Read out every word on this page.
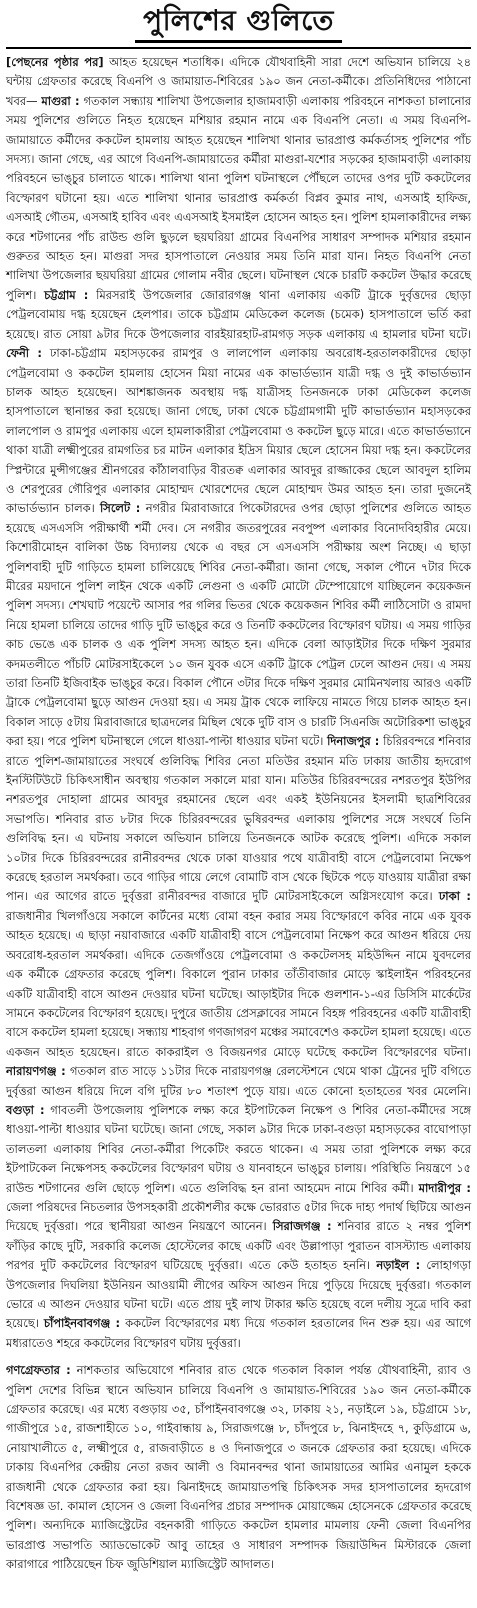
পুলিশের গুলিতে

[পেছনের পৃষ্ঠার পর] আহত হয়েছেন শতাধিক। এদিকে যৌথবাহিনী সারা দেশে অভিযান চালিয়ে ২৪ ঘন্টায় গ্রেফতার করেছে বিএনপি ও জামায়াত-শিবিরের ১৯০ জন নেতা-কর্মীকে। প্রতিনিধিদের পাঠানো খবর— মাগুরা : গতকাল সন্ধ্যায় শালিখা উপজেলার হাজামবাড়ী এলাকায় পরিবহনে নাশকতা চালানোর সময় পুলিশের গুলিতে নিহত হয়েছেন মশিয়ার রহমান নামে এক বিএনপি নেতা। এ সময় বিএনপি-জামায়াতে কর্মীদের ককটেল হামলায় আহত হয়েছেন শালিখা থানার ভারপ্রাপ্ত কর্মকর্তাসহ পুলিশের পাঁচ সদস্য। জানা গেছে, এর আগে বিএনপি-জামায়াতের কর্মীরা মাগুরা-যশোর সড়কের হাজামবাড়ী এলাকায় পরিবহনে ভাঙ্চুর চালাতে থাকে। শালিখা থানা পুলিশ ঘটনাস্থলে পৌঁছলে তাদের ওপর দুটি ককটেলের বিস্ফোরণ ঘটানো হয়। এতে শালিখা থানার ভারপ্রাপ্ত কর্মকর্তা বিপ্লব কুমার নাথ, এসআই হাফিজ, এসআই গৌতম, এসআই হাবিব এবং এএসআই ইসমাইল হোসেন আহত হন। পুলিশ হামলাকারীদের লক্ষ্য করে শটগানের পাঁচ রাউন্ড গুলি ছুড়লে ছয়ঘরিয়া গ্রামের বিএনপির সাধারণ সম্পাদক মশিয়ার রহমান গুরুতর আহত হন। মাগুরা সদর হাসপাতালে নেওয়ার সময় তিনি মারা যান। নিহত বিএনপি নেতা শালিখা উপজেলার ছয়ঘরিয়া গ্রামের গোলাম নবীর ছেলে। ঘটনাস্থল থেকে চারটি ককটেল উদ্ধার করেছে পুলিশ। চট্টগ্রাম : মিরসরাই উপজেলার জোরারগঞ্জ থানা এলাকায় একটি ট্রাকে দুর্বৃত্তদের ছোড়া পেট্রলবোমায় দগ্ধ হয়েছেন হেলপার। তাকে চট্টগ্রাম মেডিকেল কলেজ (চমেক) হাসপাতালে ভর্তি করা হয়েছে। রাত সোয়া ৯টার দিকে উপজেলার বারইয়ারহাট-রামগড় সড়ক এলাকায় এ হামলার ঘটনা ঘটে। ফেনী : ঢাকা-চট্টগ্রাম মহাসড়কের রামপুর ও লালপোল এলাকায় অবরোধ-হরতালকারীদের ছোড়া পেট্রলবোমা ও ককটেল হামলায় হোসেন মিয়া নামের এক কাভার্ডভ্যান যাত্রী দগ্ধ ও দুই কাভার্ডভ্যান চালক আহত হয়েছেন। আশঙ্কাজনক অবস্থায় দগ্ধ যাত্রীসহ তিনজনকে ঢাকা মেডিকেল কলেজ হাসপাতালে স্থানান্তর করা হয়েছে। জানা গেছে, ঢাকা থেকে চট্টগ্রামগামী দুটি কাভার্ডভ্যান মহাসড়কের লালপোল ও রামপুর এলাকায় এলে হামলাকারীরা পেট্রলবোমা ও ককটেল ছুড়ে মারে। এতে কাভার্ডভ্যানে থাকা যাত্রী লক্ষ্মীপুরের রামগতির চর মাটন এলাকার ইদ্রিস মিয়ার ছেলে হোসেন মিয়া দগ্ধ হন। ককটেলের স্প্লিন্টারে মুন্সীগঞ্জের শ্রীনগরের কাঁঠালবাড়ির বীরতক্ব এলাকার আবদুর রাজ্জাকের ছেলে আবদুল হালিম ও শেরপুরের গৌরিপুর এলাকার মোহাম্মদ খোরশেদের ছেলে মোহাম্মদ উমর আহত হন। তারা দুজনেই কাভার্ডভ্যান চালক। সিলেট : নগরীর মিরাবাজারে পিকেটারদের ওপর ছোড়া পুলিশের গুলিতে আহত হয়েছে এসএসসি পরীক্ষার্থী শর্মী দেব। সে নগরীর জতরপুরের নবপুষ্প এলাকার বিনোদবিহারীর মেয়ে। কিশোরীমোহন বালিকা উচ্চ বিদ্যালয় থেকে এ বছর সে এসএসসি পরীক্ষায় অংশ নিচ্ছে। এ ছাড়া পুলিশবাহী দুটি গাড়িতে হামলা চালিয়েছে শিবির নেতা-কর্মীরা। জানা গেছে, সকাল পৌনে ৭টার দিকে মীরের ময়দানে পুলিশ লাইন থেকে একটি লেগুনা ও একটি মোটো টেম্পোয়োগে যাচ্ছিলেন কয়েকজন পুলিশ সদস্য। শেখঘাট পয়েন্টে আসার পর গলির ভিতর থেকে কয়েকজন শিবির কর্মী লাঠিসোটা ও রামদা নিয়ে হামলা চালিয়ে তাদের গাড়ি দুটি ভাঙ্চুর করে ও তিনটি ককটেলের বিস্ফোরণ ঘটায়। এ সময় গাড়ির কাচ ভেঙে এক চালক ও এক পুলিশ সদস্য আহত হন। এদিকে বেলা আড়াইটার দিকে দক্ষিণ সুরমার কদমতলীতে পাঁচটি মোটরসাইকেলে ১০ জন যুবক এসে একটি ট্রাকে পেট্রল ঢেলে আগুন দেয়। এ সময় তারা তিনটি ইজিবাইক ভাঙ্চুর করে। বিকাল পৌনে ৩টার দিকে দক্ষিণ সুরমার মোমিনখলায় আরও একটি ট্রাকে পেট্রলবোমা ছুড়ে আগুন দেওয়া হয়। এ সময় ট্রাক থেকে লাফিয়ে নামতে গিয়ে চালক আহত হন। বিকাল সাড়ে ৫টায় মিরাবাজারে ছাত্রদলের মিছিল থেকে দুটি বাস ও চারটি সিএনজি অটোরিকশা ভাঙ্চুর করা হয়। পরে পুলিশ ঘটনাস্থলে গেলে ধাওয়া-পাল্টা ধাওয়ার ঘটনা ঘটে। দিনাজপুর : চিরিরবন্দরে শনিবার রাতে পুলিশ-জামায়াতের সংঘর্ষে গুলিবিদ্ধ শিবির নেতা মতিউর রহমান মতি ঢাকায় জাতীয় হৃদরোগ ইনস্টিটিউটে চিকিৎসাধীন অবস্থায় গতকাল সকালে মারা যান। মতিউর চিরিরবন্দরের নশরতপুর ইউপির নশরতপুর দোহালা গ্রামের আবদুর রহমানের ছেলে এবং একই ইউনিয়নের ইসলামী ছাত্রশিবিরের সভাপতি। শনিবার রাত ৮টার দিকে চিরিরবন্দরের ভুষিরবন্দর এলাকায় পুলিশের সঙ্গে সংঘর্ষে তিনি গুলিবিদ্ধ হন। এ ঘটনায় সকালে অভিযান চালিয়ে তিনজনকে আটক করেছে পুলিশ। এদিকে সকাল ১০টার দিকে চিরিরবন্দরের রানীরবন্দর থেকে ঢাকা যাওয়ার পথে যাত্রীবাহী বাসে পেট্রলবোমা নিক্ষেপ করেছে হরতাল সমর্থকরা। তবে গাড়ির গায়ে লেগে বোমাটি বাস থেকে ছিটকে পড়ে যাওয়ায় যাত্রীরা রক্ষা পান। এর আগের রাতে দুর্বৃত্তরা রানীরবন্দর বাজারে দুটি মোটরসাইকেলে অগ্নিসংযোগ করে। ঢাকা : রাজধানীর খিলগাঁওয়ে সকালে কার্টনের মধ্যে বোমা বহন করার সময় বিস্ফোরণে কবির নামে এক যুবক আহত হয়েছে। এ ছাড়া নয়াবাজারে একটি যাত্রীবাহী বাসে পেট্রলবোমা নিক্ষেপ করে আগুন ধরিয়ে দেয় অবরোধ-হরতাল সমর্থকরা। এদিকে তেজগাঁওয়ে পেট্রলবোমা ও ককটেলসহ মহিউদ্দিন নামে যুবদলের এক কর্মীকে গ্রেফতার করেছে পুলিশ। বিকালে পুরান ঢাকার তাঁতীবাজার মোড়ে স্কাইলাইন পরিবহনের একটি যাত্রীবাহী বাসে আগুন দেওয়ার ঘটনা ঘটেছে। আড়াইটার দিকে গুলশান-১-এর ডিসিসি মার্কেটের সামনে ককটেলের বিস্ফোরণ হয়েছে। দুপুরে জাতীয় প্রেসক্লাবের সামনে বিহঙ্গ পরিবহনের একটি যাত্রীবাহী বাসে ককটেল হামলা হয়েছে। সন্ধ্যায় শাহবাগ গণজাগরণ মঞ্চের সমাবেশেও ককটেল হামলা হয়েছে। এতে একজন আহত হয়েছেন। রাতে কাকরাইল ও বিজয়নগর মোড়ে ঘটেছে ককটেল বিস্ফোরণের ঘটনা। নারায়ণগঞ্জ : গতকাল রাত সাড়ে ১১টার দিকে নারায়ণগঞ্জ রেলস্টেশনে থেমে থাকা ট্রেনের দুটি বগিতে দুর্বৃত্তরা আগুন ধরিয়ে দিলে বগি দুটির ৮০ শতাংশ পুড়ে যায়। এতে কোনো হতাহতের খবর মেলেনি। বগুড়া : গাবতলী উপজেলায় পুলিশকে লক্ষ্য করে ইটপাটকেল নিক্ষেপ ও শিবির নেতা-কর্মীদের সঙ্গে ধাওয়া-পাল্টা ধাওয়ার ঘটনা ঘটেছে। জানা গেছে, সকাল ৯টার দিকে ঢাকা-বগুড়া মহাসড়কের বাঘোপাড়া তালতলা এলাকায় শিবির নেতা-কর্মীরা পিকেটিং করতে থাকেন। এ সময় তারা পুলিশকে লক্ষ্য করে ইটপাটকেল নিক্ষেপসহ ককটেলের বিস্ফোরণ ঘটায় ও যানবাহনে ভাঙ্চুর চালায়। পরিস্থিতি নিয়ন্ত্রণে ১৫ রাউন্ড শটগানের গুলি ছোড়ে পুলিশ। এতে গুলিবিদ্ধ হন রানা আহমেদ নামে শিবির কর্মী। মাদারীপুর : জেলা পরিষদের নিচতলার উপসহকারী প্রকৌশলীর কক্ষে ভোররাত ৫টার দিকে দাহ্য পদার্থ ছিটিয়ে আগুন দিয়েছে দুর্বৃত্তরা। পরে স্থানীয়রা আগুন নিয়ন্ত্রণে আনেন। সিরাজগঞ্জ : শনিবার রাতে ২ নম্বর পুলিশ ফাঁড়ির কাছে দুটি, সরকারি কলেজ হোস্টেলের কাছে একটি এবং উল্লাপাড়া পুরাতন বাসস্ট্যান্ড এলাকায় পরপর দুটি ককটেলের বিস্ফোরণ ঘটিয়েছে দুর্বৃত্তরা। এতে কেউ হতাহত হননি। নড়াইল : লোহাগড়া উপজেলার দিঘলিয়া ইউনিয়ন আওয়ামী লীগের অফিস আগুন দিয়ে পুড়িয়ে দিয়েছে দুর্বৃত্তরা। গতকাল ভোরে এ আগুন দেওয়ার ঘটনা ঘটে। এতে প্রায় দুই লাখ টাকার ক্ষতি হয়েছে বলে দলীয় সূত্রে দাবি করা হয়েছে। চাঁপাইনবাবগঞ্জ : ককটেল বিস্ফোরণের মধ্য দিয়ে গতকাল হরতালের দিন শুরু হয়। এর আগে মধ্যরাতেও শহরে ককটেলের বিস্ফোরণ ঘটায় দুর্বৃত্তরা।

গণগ্রেফতার : নাশকতার অভিযোগে শনিবার রাত থেকে গতকাল বিকাল পর্যন্ত যৌথবাহিনী, র‍্যাব ও পুলিশ দেশের বিভিন্ন স্থানে অভিযান চালিয়ে বিএনপি ও জামায়াত-শিবিরের ১৯০ জন নেতা-কর্মীকে গ্রেফতার করেছে। এর মধ্যে বগুড়ায় ৩৫, চাঁপাইনবাবগঞ্জে ৩২, ঢাকায় ২১, নড়াইলে ১৯, চট্টগ্রামে ১৮, গাজীপুরে ১৫, রাজশাহীতে ১০, গাইবান্ধায় ৯, সিরাজগঞ্জে ৮, চাঁদপুরে ৮, ঝিনাইদহে ৭, কুড়িগ্রামে ৬, নোয়াখালীতে ৫, লক্ষ্মীপুরে ৫, রাজবাড়ীতে ৪ ও দিনাজপুরে ৩ জনকে গ্রেফতার করা হয়েছে। এদিকে ঢাকায় বিএনপির কেন্দ্রীয় নেতা রজব আলী ও বিমানবন্দর থানা জামায়াতের আমির এনামুল হককে রাজধানী থেকে গ্রেফতার করা হয়। ঝিনাইদহে জামায়াতপন্থি চিকিৎসক সদর হাসপাতালের হৃদরোগ বিশেষজ্ঞ ডা. কামাল হোসেন ও জেলা বিএনপির প্রচার সম্পাদক মোয়াজ্জেম হোসেনকে গ্রেফতার করেছে পুলিশ। অন্যদিকে ম্যাজিস্ট্রেটের বহনকারী গাড়িতে ককটেল হামলার মামলায় ফেনী জেলা বিএনপির ভারপ্রাপ্ত সভাপতি অ্যাডভোকেট আবু তাহের ও সাধারণ সম্পাদক জিয়াউদ্দিন মিস্টারকে জেলা কারাগারে পাঠিয়েছেন চিফ জুডিশিয়াল ম্যাজিস্ট্রেট আদালত।
